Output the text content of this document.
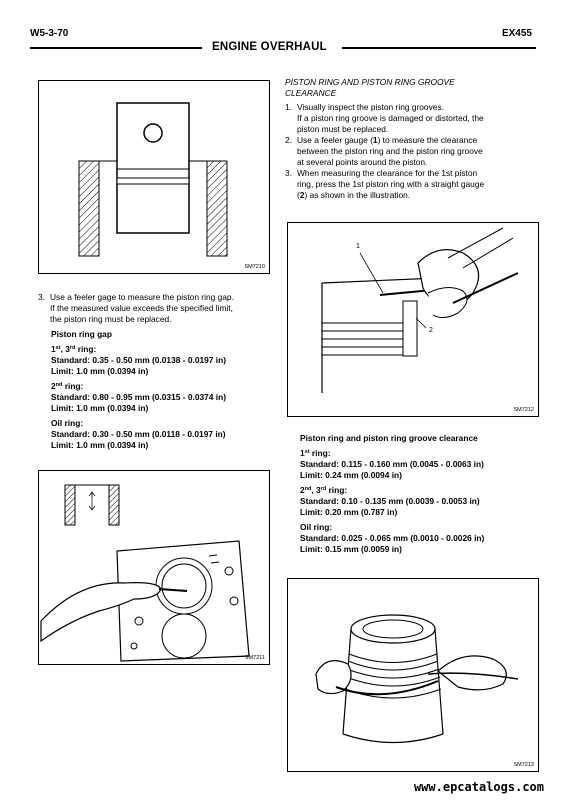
W5-3-70	EX455
ENGINE OVERHAUL
SM7210
PISTON RING AND PISTON RING GROOVE
CLEARANCE
1. Visually inspect the piston ring grooves.
If a piston ring groove is damaged or distorted, the
piston must be replaced.
2. Use a feeler gauge (1) to measure the clearance
between the piston ring and the piston ring groove
at several points around the piston.
3. When measuring the clearance for the 1st piston
ring, press the 1st piston ring with a straight gauge
(2) as shown in the illustration.
1
2
SM7212
3. Use a feeler gage to measure the piston ring gap.
If the measured value exceeds the specified limit,
the piston ring must be replaced.
Piston ring gap
1st, 3rd ring:
Standard: 0.35 - 0.50 mm (0.0138 - 0.0197 in)
Limit: 1.0 mm (0.0394 in)
2nd ring:
Standard: 0.80 - 0.95 mm (0.0315 - 0.0374 in)
Limit: 1.0 mm (0.0394 in)
Oil ring:
Standard: 0.30 - 0.50 mm (0.0118 - 0.0197 in)
Limit: 1.0 mm (0.0394 in)
t
SM7211
Piston ring and piston ring groove clearance
1st ring:
Standard: 0.115 - 0.160 mm (0.0045 - 0.0063 in)
Limit: 0.24 mm (0.0094 in)
2nd, 3rd ring:
Standard: 0.10 - 0.135 mm (0.0039 - 0.0053 in)
Limit: 0.20 mm (0.787 in)
Oil ring:
Standard: 0.025 - 0.065 mm (0.0010 - 0.0026 in)
Limit: 0.15 mm (0.0059 in)
SM7213
www.epcatalogs.com
